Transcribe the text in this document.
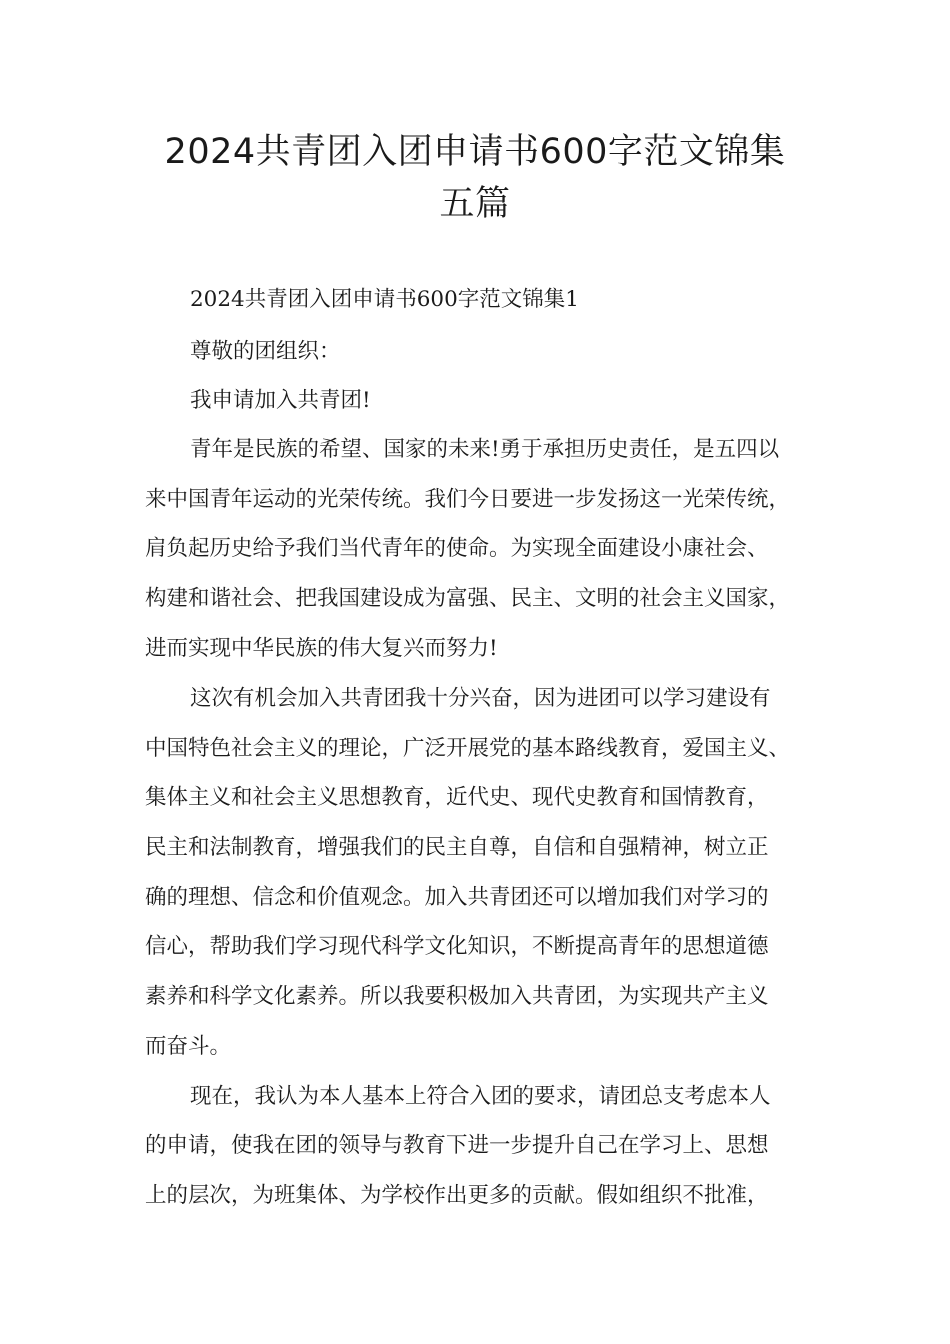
2024共青团入团申请书600字范文锦集
五篇

2024共青团入团申请书600字范文锦集1

尊敬的团组织：

我申请加入共青团!

青年是民族的希望、国家的未来!勇于承担历史责任，是五四以

来中国青年运动的光荣传统。我们今日要进一步发扬这一光荣传统，

肩负起历史给予我们当代青年的使命。为实现全面建设小康社会、

构建和谐社会、把我国建设成为富强、民主、文明的社会主义国家，

进而实现中华民族的伟大复兴而努力!

这次有机会加入共青团我十分兴奋，因为进团可以学习建设有

中国特色社会主义的理论，广泛开展党的基本路线教育，爱国主义、

集体主义和社会主义思想教育，近代史、现代史教育和国情教育，

民主和法制教育，增强我们的民主自尊，自信和自强精神，树立正

确的理想、信念和价值观念。加入共青团还可以增加我们对学习的

信心，帮助我们学习现代科学文化知识，不断提高青年的思想道德

素养和科学文化素养。所以我要积极加入共青团，为实现共产主义

而奋斗。

现在，我认为本人基本上符合入团的要求，请团总支考虑本人

的申请，使我在团的领导与教育下进一步提升自己在学习上、思想

上的层次，为班集体、为学校作出更多的贡献。假如组织不批准，
